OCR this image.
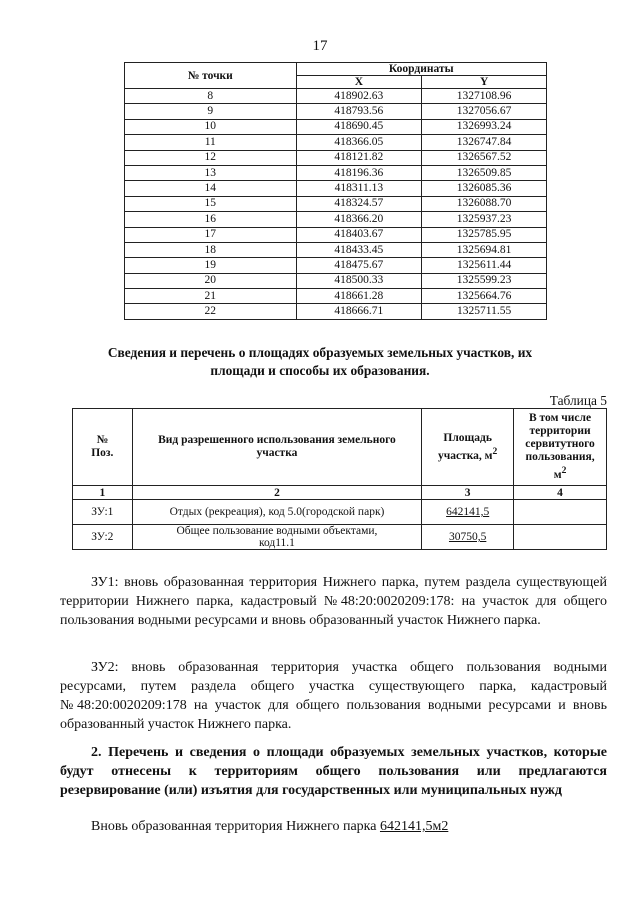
17
№ точки	Координаты	
	X	Y
8	418902.63	1327108.96
9	418793.56	1327056.67
10	418690.45	1326993.24
11	418366.05	1326747.84
12	418121.82	1326567.52
13	418196.36	1326509.85
14	418311.13	1326085.36
15	418324.57	1326088.70
16	418366.20	1325937.23
17	418403.67	1325785.95
18	418433.45	1325694.81
19	418475.67	1325611.44
20	418500.33	1325599.23
21	418661.28	1325664.76
22	418666.71	1325711.55
Сведения и перечень о площадях образуемых земельных участков, их площади и способы их образования.
Таблица 5
№ Поз.	Вид разрешенного использования земельного участка	Площадь участка, $м^2$	В том числе территории сервитутного пользования, $м^2$
1	2	3	4
ЗУ:1	Отдых (рекреация), код 5.0(городской парк)	642141,5	
ЗУ:2	Общее пользование водными объектами, код11.1	30750,5	
ЗУ1: вновь образованная территория Нижнего парка, путем раздела существующей территории Нижнего парка, кадастровый №48:20:0020209:178: на участок для общего пользования водными ресурсами и вновь образованный участок Нижнего парка.
ЗУ2: вновь образованная территория участка общего пользования водными ресурсами, путем раздела общего участка существующего парка, кадастровый №48:20:0020209:178 на участок для общего пользования водными ресурсами и вновь образованный участок Нижнего парка.
2. Перечень и сведения о площади образуемых земельных участков, которые будут отнесены к территориям общего пользования или предлагаются резервирование (или) изъятия для государственных или муниципальных нужд
Вновь образованная территория Нижнего парка 642141,5м2
